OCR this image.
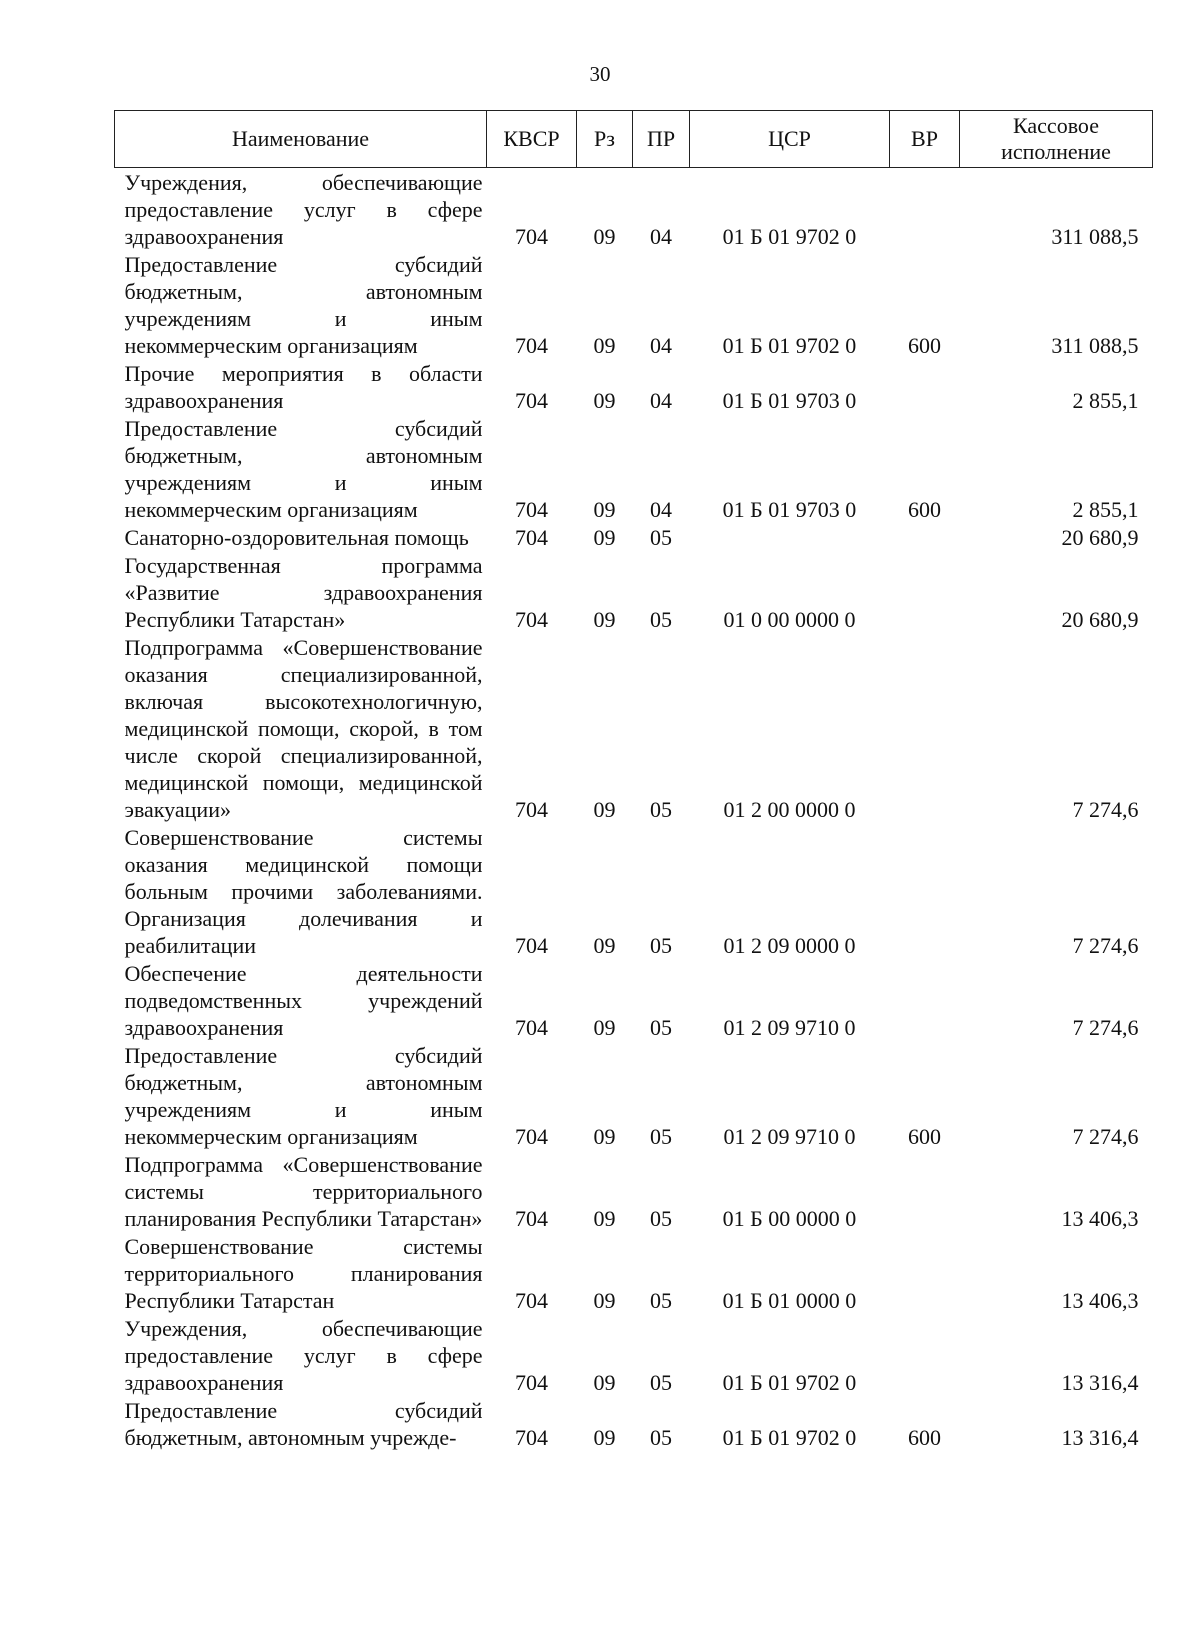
30
Наименование	КВСР	Рз	ПР	ЦСР	ВР	Кассовое исполнение
Учреждения, обеспечивающие предоставление услуг в сфере здравоохранения	704	09	04	01 Б 01 9702 0		311 088,5
Предоставление субсидий бюджетным, автономным учреждениям и иным некоммерческим организациям	704	09	04	01 Б 01 9702 0	600	311 088,5
Прочие мероприятия в области здравоохранения	704	09	04	01 Б 01 9703 0		2 855,1
Предоставление субсидий бюджетным, автономным учреждениям и иным некоммерческим организациям	704	09	04	01 Б 01 9703 0	600	2 855,1
Санаторно-оздоровительная помощь	704	09	05			20 680,9
Государственная программа «Развитие здравоохранения Республики Татарстан»	704	09	05	01 0 00 0000 0		20 680,9
Подпрограмма «Совершенствование оказания специализированной, включая высокотехнологичную, медицинской помощи, скорой, в том числе скорой специализированной, медицинской помощи, медицинской эвакуации»	704	09	05	01 2 00 0000 0		7 274,6
Совершенствование системы оказания медицинской помощи больным прочими заболеваниями. Организация долечивания и реабилитации	704	09	05	01 2 09 0000 0		7 274,6
Обеспечение деятельности подведомственных учреждений здравоохранения	704	09	05	01 2 09 9710 0		7 274,6
Предоставление субсидий бюджетным, автономным учреждениям и иным некоммерческим организациям	704	09	05	01 2 09 9710 0	600	7 274,6
Подпрограмма «Совершенствование системы территориального планирования Республики Татарстан»	704	09	05	01 Б 00 0000 0		13 406,3
Совершенствование системы территориального планирования Республики Татарстан	704	09	05	01 Б 01 0000 0		13 406,3
Учреждения, обеспечивающие предоставление услуг в сфере здравоохранения	704	09	05	01 Б 01 9702 0		13 316,4
Предоставление субсидий бюджетным, автономным учрежде-	704	09	05	01 Б 01 9702 0	600	13 316,4
